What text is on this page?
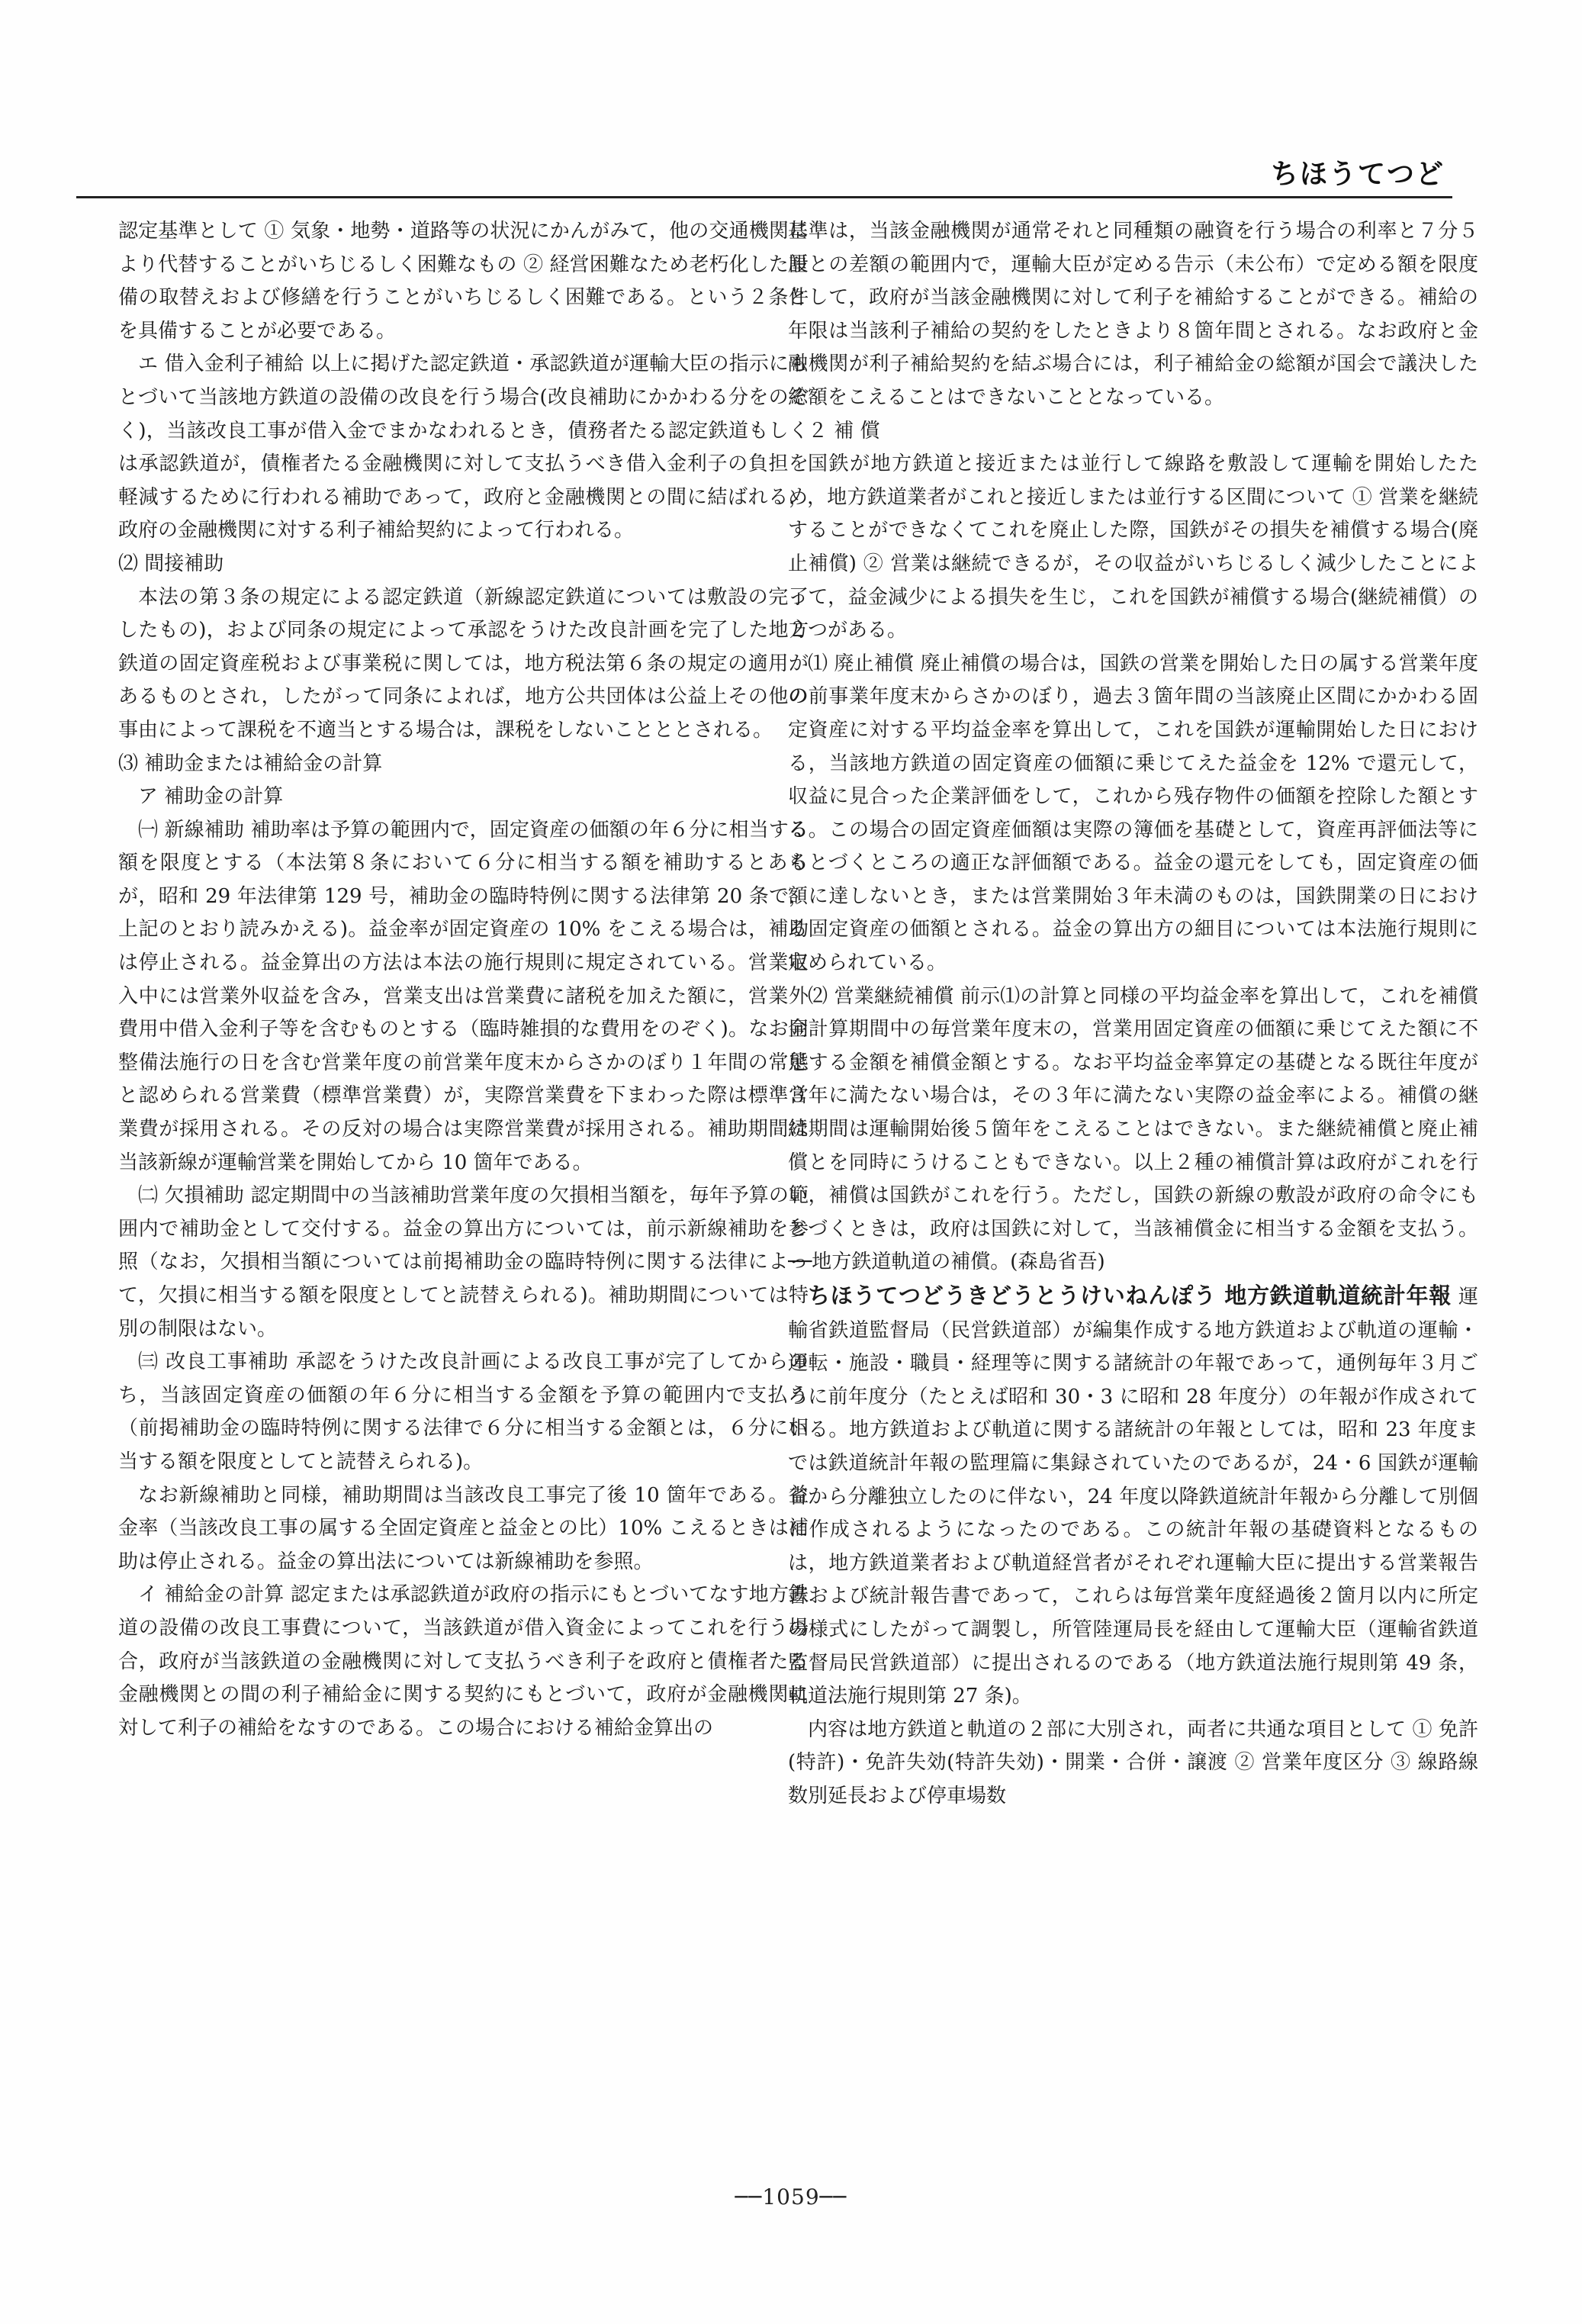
ちほうてつど

認定基準として ① 気象・地勢・道路等の状況にかんがみて，他の交通機関により代替することがいちじるしく困難なもの ② 経営困難なため老朽化した設備の取替えおよび修繕を行うことがいちじるしく困難である。という２条件を具備することが必要である。

エ 借入金利子補給 以上に掲げた認定鉄道・承認鉄道が運輸大臣の指示にもとづいて当該地方鉄道の設備の改良を行う場合(改良補助にかかわる分をのぞく)，当該改良工事が借入金でまかなわれるとき，債務者たる認定鉄道もしくは承認鉄道が，債権者たる金融機関に対して支払うべき借入金利子の負担を軽減するために行われる補助であって，政府と金融機関との間に結ばれる，政府の金融機関に対する利子補給契約によって行われる。

⑵ 間接補助

本法の第３条の規定による認定鉄道（新線認定鉄道については敷設の完了したもの)，および同条の規定によって承認をうけた改良計画を完了した地方鉄道の固定資産税および事業税に関しては，地方税法第６条の規定の適用があるものとされ，したがって同条によれば，地方公共団体は公益上その他の事由によって課税を不適当とする場合は，課税をしないことととされる。

⑶ 補助金または補給金の計算
ア 補助金の計算

㈠ 新線補助 補助率は予算の範囲内で，固定資産の価額の年６分に相当する額を限度とする（本法第８条において６分に相当する額を補助するとあるが，昭和 29 年法律第 129 号，補助金の臨時特例に関する法律第 20 条で，上記のとおり読みかえる)。益金率が固定資産の 10% をこえる場合は，補助は停止される。益金算出の方法は本法の施行規則に規定されている。営業収入中には営業外収益を含み，営業支出は営業費に諸税を加えた額に，営業外費用中借入金利子等を含むものとする（臨時雑損的な費用をのぞく)。なお同整備法施行の日を含む営業年度の前営業年度末からさかのぼり１年間の常態と認められる営業費（標準営業費）が，実際営業費を下まわった際は標準営業費が採用される。その反対の場合は実際営業費が採用される。補助期間は当該新線が運輸営業を開始してから 10 箇年である。

㈡ 欠損補助 認定期間中の当該補助営業年度の欠損相当額を，毎年予算の範囲内で補助金として交付する。益金の算出方については，前示新線補助を参照（なお，欠損相当額については前掲補助金の臨時特例に関する法律によって，欠損に相当する額を限度としてと読替えられる)。補助期間については特別の制限はない。

㈢ 改良工事補助 承認をうけた改良計画による改良工事が完了してからのち，当該固定資産の価額の年６分に相当する金額を予算の範囲内で支払う（前掲補助金の臨時特例に関する法律で６分に相当する金額とは，６分に相当する額を限度としてと読替えられる)。

なお新線補助と同様，補助期間は当該改良工事完了後 10 箇年である。益金率（当該改良工事の属する全固定資産と益金との比）10% こえるときは補助は停止される。益金の算出法については新線補助を参照。

イ 補給金の計算 認定または承認鉄道が政府の指示にもとづいてなす地方鉄道の設備の改良工事費について，当該鉄道が借入資金によってこれを行う場合，政府が当該鉄道の金融機関に対して支払うべき利子を政府と債権者たる金融機関との間の利子補給金に関する契約にもとづいて，政府が金融機関に対して利子の補給をなすのである。この場合における補給金算出の

基準は，当該金融機関が通常それと同種類の融資を行う場合の利率と７分５厘との差額の範囲内で，運輸大臣が定める告示（未公布）で定める額を限度として，政府が当該金融機関に対して利子を補給することができる。補給の年限は当該利子補給の契約をしたときより８箇年間とされる。なお政府と金融機関が利子補給契約を結ぶ場合には，利子補給金の総額が国会で議決した総額をこえることはできないこととなっている。

２ 補 償

国鉄が地方鉄道と接近または並行して線路を敷設して運輸を開始したため，地方鉄道業者がこれと接近しまたは並行する区間について ① 営業を継続することができなくてこれを廃止した際，国鉄がその損失を補償する場合(廃止補償) ② 営業は継続できるが，その収益がいちじるしく減少したことによって，益金減少による損失を生じ，これを国鉄が補償する場合(継続補償）の２つがある。

⑴ 廃止補償 廃止補償の場合は，国鉄の営業を開始した日の属する営業年度の前事業年度末からさかのぼり，過去３箇年間の当該廃止区間にかかわる固定資産に対する平均益金率を算出して，これを国鉄が運輸開始した日における，当該地方鉄道の固定資産の価額に乗じてえた益金を 12% で還元して，収益に見合った企業評価をして，これから残存物件の価額を控除した額とする。この場合の固定資産価額は実際の簿価を基礎として，資産再評価法等にもとづくところの適正な評価額である。益金の還元をしても，固定資産の価額に達しないとき，または営業開始３年未満のものは，国鉄開業の日における固定資産の価額とされる。益金の算出方の細目については本法施行規則に定められている。

⑵ 営業継続補償 前示⑴の計算と同様の平均益金率を算出して，これを補償金計算期間中の毎営業年度末の，営業用固定資産の価額に乗じてえた額に不足する金額を補償金額とする。なお平均益金率算定の基礎となる既往年度が３年に満たない場合は，その３年に満たない実際の益金率による。補償の継続期間は運輸開始後５箇年をこえることはできない。また継続補償と廃止補償とを同時にうけることもできない。以上２種の補償計算は政府がこれを行い，補償は国鉄がこれを行う。ただし，国鉄の新線の敷設が政府の命令にもとづくときは，政府は国鉄に対して，当該補償金に相当する金額を支払う。──地方鉄道軌道の補償。(森島省吾)

ちほうてつどうきどうとうけいねんぽう 地方鉄道軌道統計年報 運輸省鉄道監督局（民営鉄道部）が編集作成する地方鉄道および軌道の運輸・運転・施設・職員・経理等に関する諸統計の年報であって，通例毎年３月ごろに前年度分（たとえば昭和 30・3 に昭和 28 年度分）の年報が作成されている。地方鉄道および軌道に関する諸統計の年報としては，昭和 23 年度までは鉄道統計年報の監理篇に集録されていたのであるが，24・6 国鉄が運輸省から分離独立したのに伴ない，24 年度以降鉄道統計年報から分離して別個に作成されるようになったのである。この統計年報の基礎資料となるものは，地方鉄道業者および軌道経営者がそれぞれ運輸大臣に提出する営業報告書および統計報告書であって，これらは毎営業年度経過後２箇月以内に所定の様式にしたがって調製し，所管陸運局長を経由して運輸大臣（運輸省鉄道監督局民営鉄道部）に提出されるのである（地方鉄道法施行規則第 49 条，軌道法施行規則第 27 条)。

内容は地方鉄道と軌道の２部に大別され，両者に共通な項目として ① 免許(特許)・免許失効(特許失効)・開業・合併・譲渡 ② 営業年度区分 ③ 線路線数別延長および停車場数

──1059──
